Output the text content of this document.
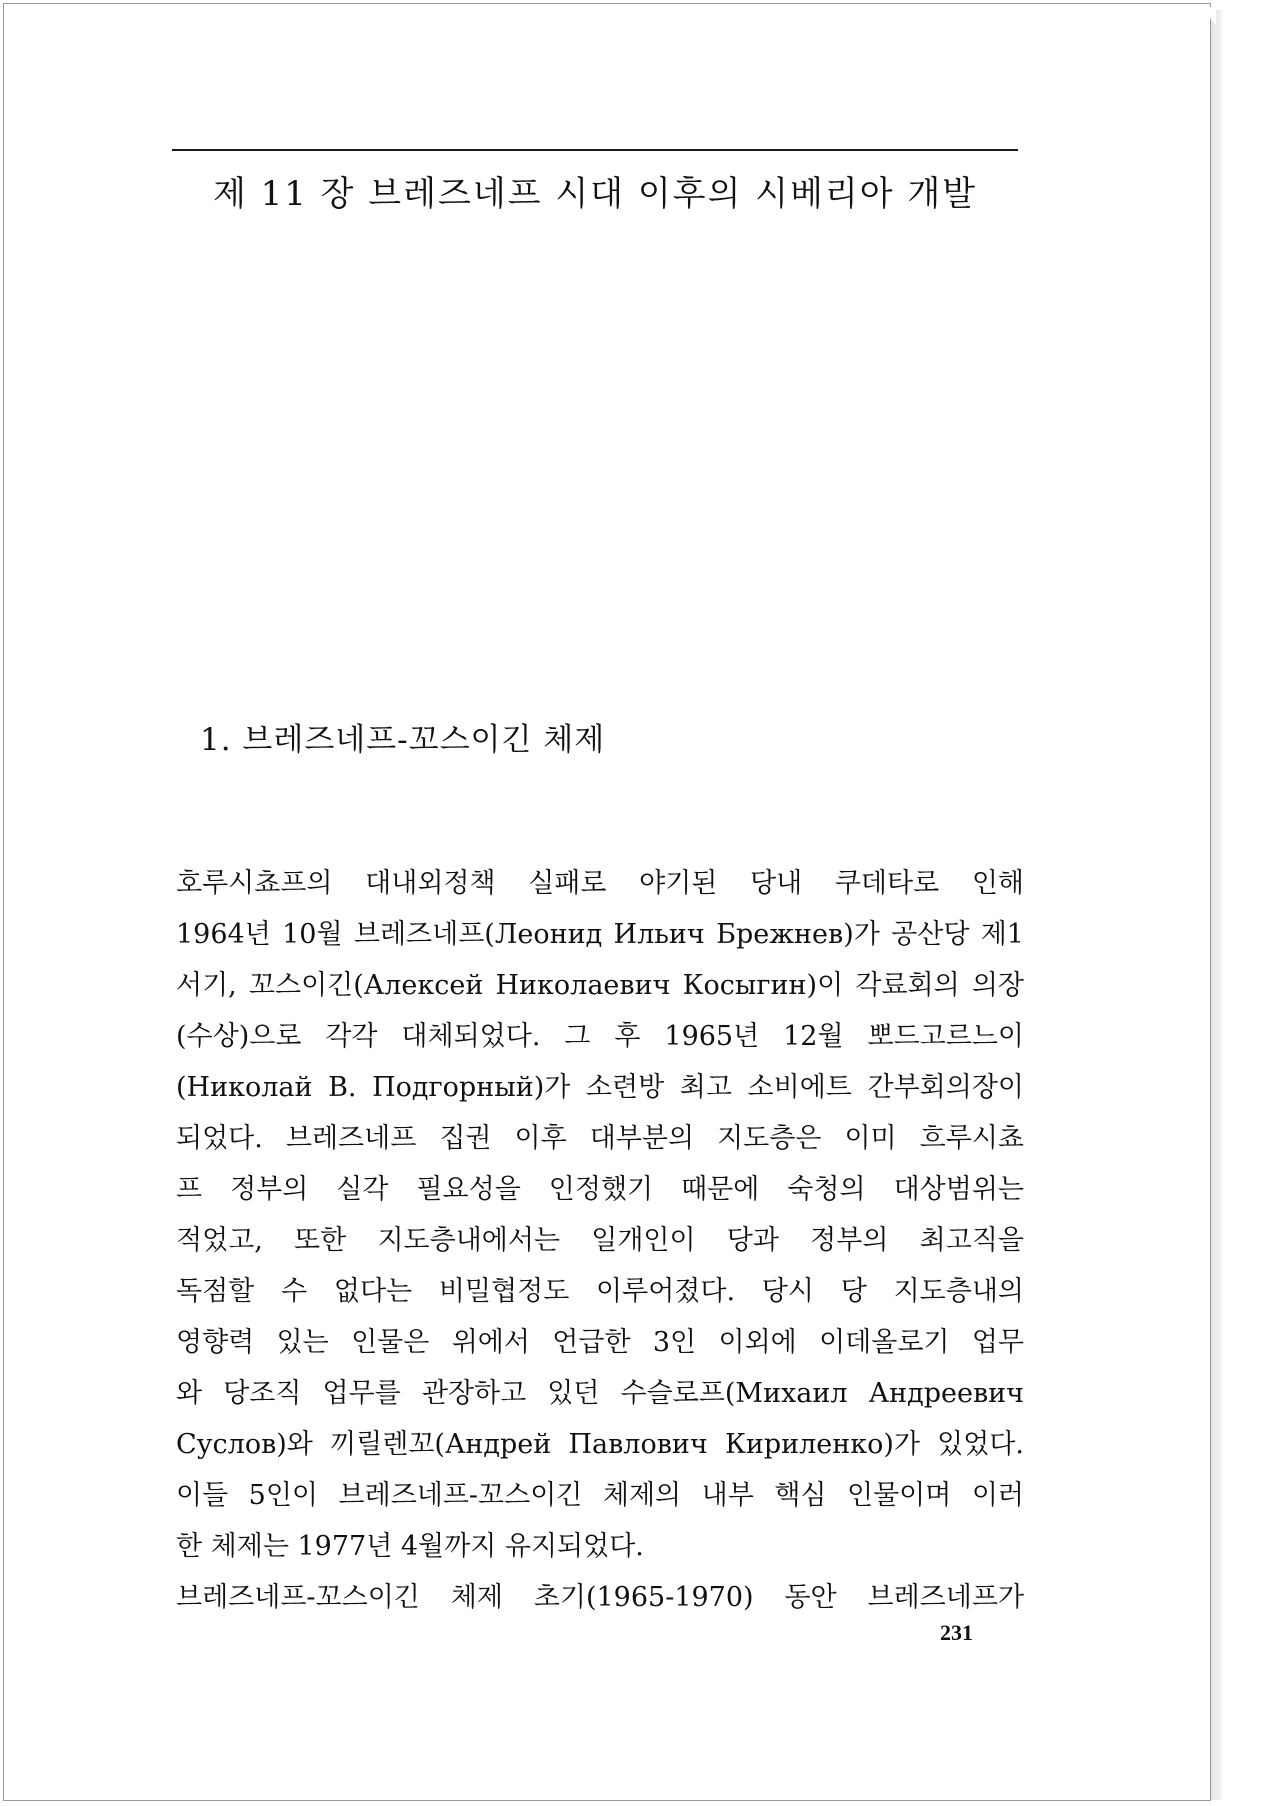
제 11 장 브레즈네프 시대 이후의 시베리아 개발
1. 브레즈네프-꼬스이긴 체제
호루시쵸프의 대내외정책 실패로 야기된 당내 쿠데타로 인해
1964년 10월 브레즈네프(Леонид Ильич Брежнев)가 공산당 제1
서기, 꼬스이긴(Алексей Николаевич Косыгин)이 각료회의 의장
(수상)으로 각각 대체되었다. 그 후 1965년 12월 뽀드고르느이
(Николай В. Подгорный)가 소련방 최고 소비에트 간부회의장이
되었다. 브레즈네프 집권 이후 대부분의 지도층은 이미 흐루시쵸
프 정부의 실각 필요성을 인정했기 때문에 숙청의 대상범위는
적었고, 또한 지도층내에서는 일개인이 당과 정부의 최고직을
독점할 수 없다는 비밀협정도 이루어졌다. 당시 당 지도층내의
영향력 있는 인물은 위에서 언급한 3인 이외에 이데올로기 업무
와 당조직 업무를 관장하고 있던 수슬로프(Михаил Андреевич
Суслов)와 끼릴렌꼬(Андрей Павлович Кириленко)가 있었다.
이들 5인이 브레즈네프-꼬스이긴 체제의 내부 핵심 인물이며 이러
한 체제는 1977년 4월까지 유지되었다.
브레즈네프-꼬스이긴 체제 초기(1965-1970) 동안 브레즈네프가
231
